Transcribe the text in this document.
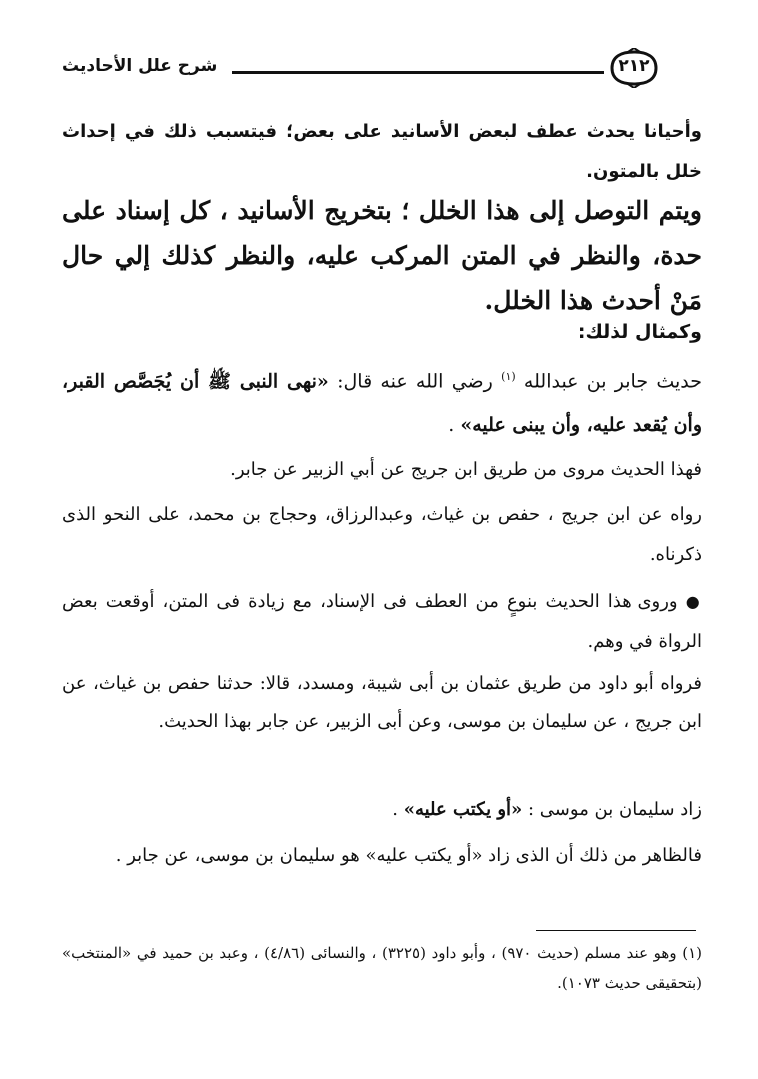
٢١٢
شرح علل الأحاديث
وأحيانا يحدث عطف لبعض الأسانيد على بعض؛ فيتسبب ذلك في إحداث خلل بالمتون.
ويتم التوصل إلى هذا الخلل ؛ بتخريج الأسانيد ، كل إسناد على حدة، والنظر في المتن المركب عليه، والنظر كذلك إلي حال مَنْ أحدث هذا الخلل.
وكمثال لذلك:
حديث جابر بن عبدالله $^{(١)}$ رضي الله عنه قال: «نهى النبى ﷺ أن يُجَصَّص القبر، وأن يُقعد عليه، وأن يبنى عليه» .
فهذا الحديث مروى من طريق ابن جريج عن أبي الزبير عن جابر.
رواه عن ابن جريج ، حفص بن غياث، وعبدالرزاق، وحجاج بن محمد، على النحو الذى ذكرناه.
● وروى هذا الحديث بنوعٍ من العطف فى الإسناد، مع زيادة فى المتن، أوقعت بعض الرواة في وهم.
فرواه أبو داود من طريق عثمان بن أبى شيبة، ومسدد، قالا: حدثنا حفص بن غياث، عن ابن جريج ، عن سليمان بن موسى، وعن أبى الزبير، عن جابر بهذا الحديث.
زاد سليمان بن موسى : «أو يكتب عليه» .
فالظاهر من ذلك أن الذى زاد «أو يكتب عليه» هو سليمان بن موسى، عن جابر .
(١) وهو عند مسلم (حديث ٩٧٠) ، وأبو داود (٣٢٢٥) ، والنسائى (٤/٨٦) ، وعبد بن حميد في «المنتخب» (بتحقيقى حديث ١٠٧٣).
